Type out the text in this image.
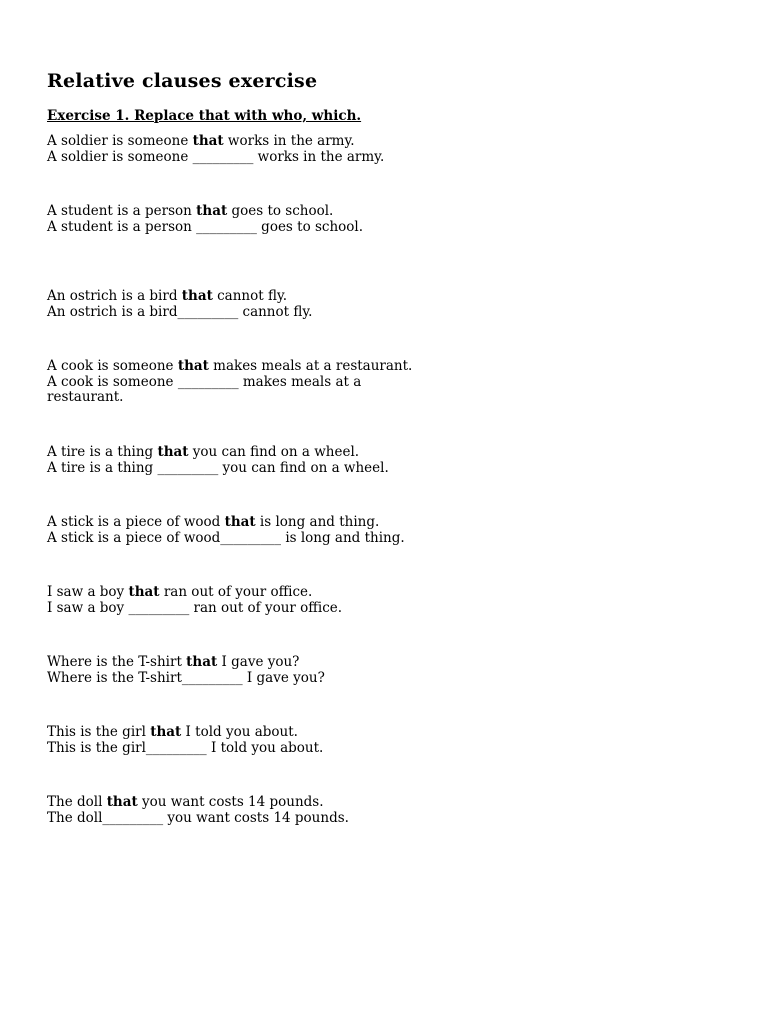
Relative clauses exercise
Exercise 1. Replace that with who, which.
A soldier is someone that works in the army.
A soldier is someone _________ works in the army.
A student is a person that goes to school.
A student is a person _________ goes to school.
An ostrich is a bird that cannot fly.
An ostrich is a bird_________ cannot fly.
A cook is someone that makes meals at a restaurant.
A cook is someone _________ makes meals at a restaurant.
A tire is a thing that you can find on a wheel.
A tire is a thing _________ you can find on a wheel.
A stick is a piece of wood that is long and thing.
A stick is a piece of wood_________ is long and thing.
I saw a boy that ran out of your office.
I saw a boy _________ ran out of your office.
Where is the T-shirt that I gave you?
Where is the T-shirt_________ I gave you?
This is the girl that I told you about.
This is the girl_________ I told you about.
The doll that you want costs 14 pounds.
The doll_________ you want costs 14 pounds.
